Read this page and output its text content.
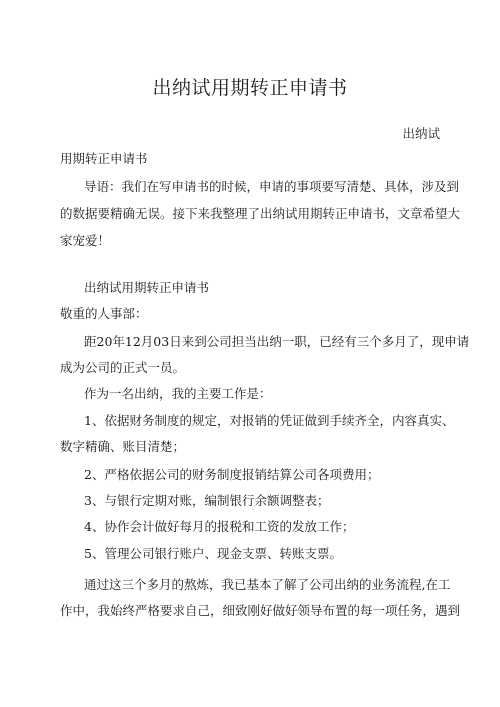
出纳试用期转正申请书
出纳试
用期转正申请书
导语：我们在写申请书的时候，申请的事项要写清楚、具体，涉及到
的数据要精确无误。接下来我整理了出纳试用期转正申请书，文章希望大
家宠爱！
出纳试用期转正申请书
敬重的人事部：
距20年12月03日来到公司担当出纳一职，已经有三个多月了，现申请
成为公司的正式一员。
作为一名出纳，我的主要工作是：
1、依据财务制度的规定，对报销的凭证做到手续齐全，内容真实、
数字精确、账目清楚；
2、严格依据公司的财务制度报销结算公司各项费用；
3、与银行定期对账，编制银行余额调整表；
4、协作会计做好每月的报税和工资的发放工作；
5、管理公司银行账户、现金支票、转账支票。
通过这三个多月的熬炼，我已基本了解了公司出纳的业务流程,在工
作中，我始终严格要求自己，细致刚好做好领导布置的每一项任务，遇到
